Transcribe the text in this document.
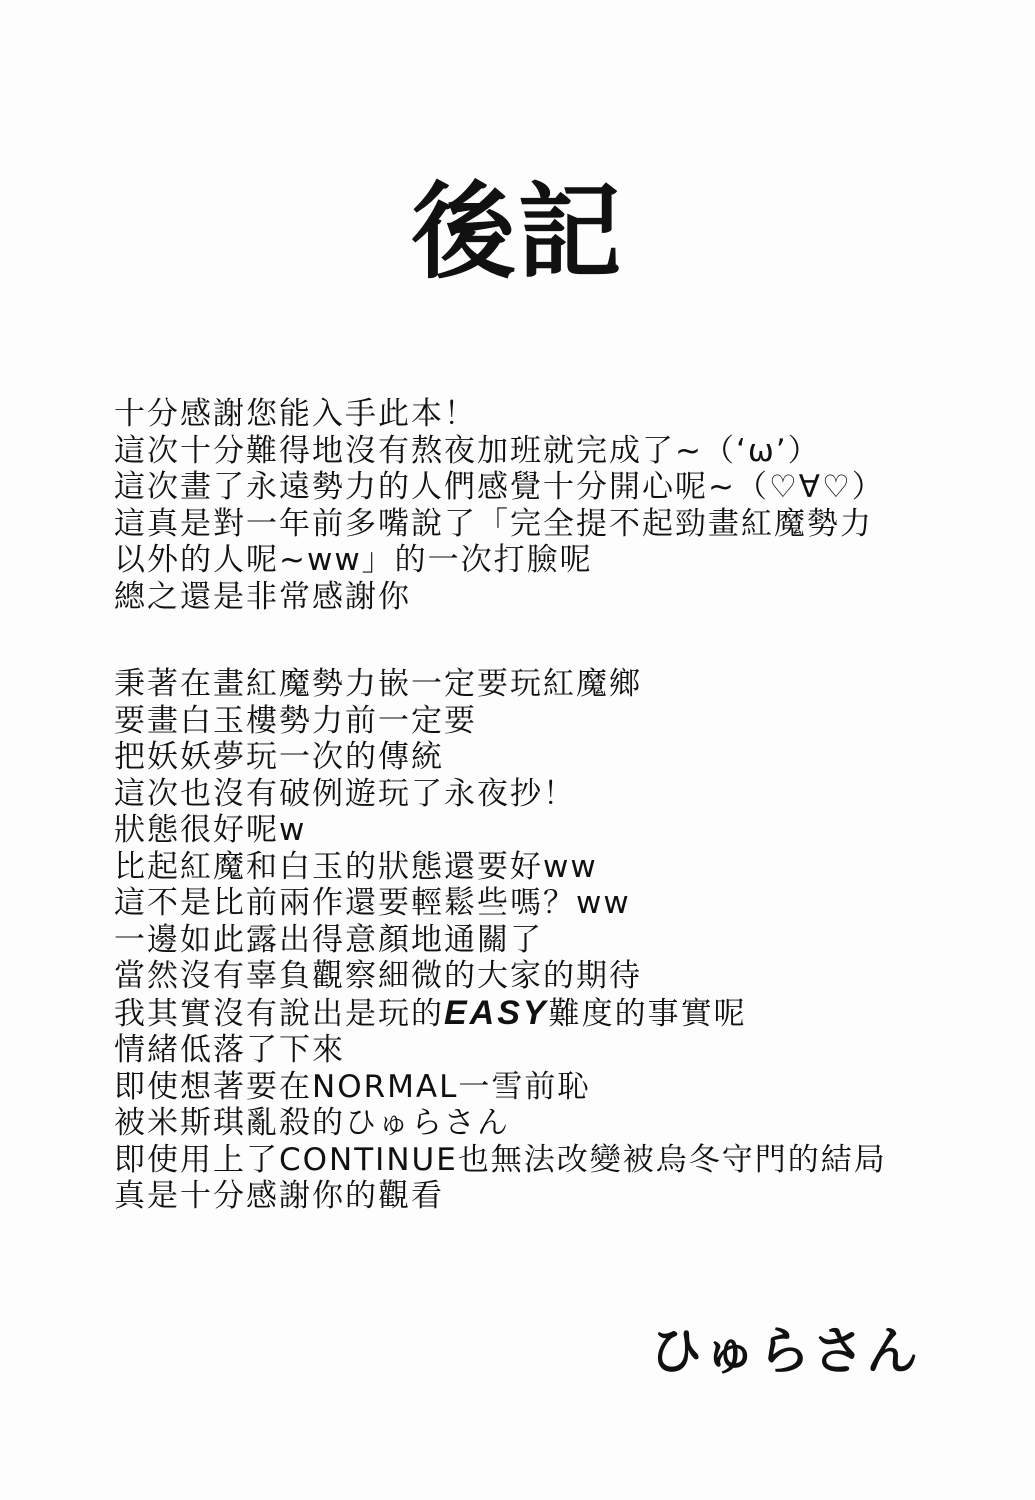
後記
十分感謝您能入手此本！
這次十分難得地沒有熬夜加班就完成了~（‘ω’）
這次畫了永遠勢力的人們感覺十分開心呢~（♡∀♡）
這真是對一年前多嘴說了「完全提不起勁畫紅魔勢力
以外的人呢~ww」的一次打臉呢
總之還是非常感謝你
秉著在畫紅魔勢力嵌一定要玩紅魔鄉
要畫白玉樓勢力前一定要
把妖妖夢玩一次的傳統
這次也沒有破例遊玩了永夜抄！
狀態很好呢w
比起紅魔和白玉的狀態還要好ww
這不是比前兩作還要輕鬆些嗎？ww
一邊如此露出得意顏地通關了
當然沒有辜負觀察細微的大家的期待
我其實沒有說出是玩的EASY難度的事實呢
情緒低落了下來
即使想著要在NORMAL一雪前恥
被米斯琪亂殺的ひゅらさん
即使用上了CONTINUE也無法改變被烏冬守門的結局
真是十分感謝你的觀看
ひゅらさん
